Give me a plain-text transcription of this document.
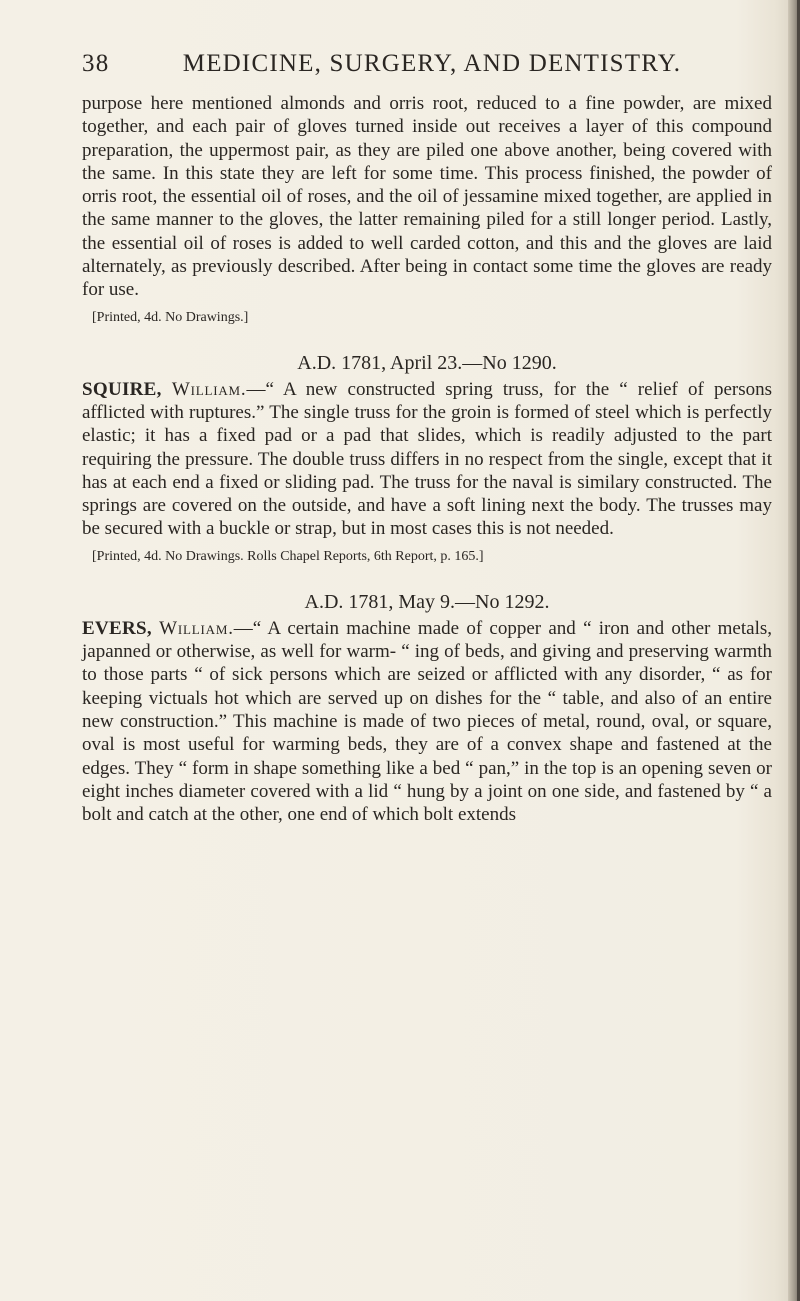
38	MEDICINE, SURGERY, AND DENTISTRY.

purpose here mentioned almonds and orris root, reduced to a fine powder, are mixed together, and each pair of gloves turned inside out receives a layer of this compound preparation, the uppermost pair, as they are piled one above another, being covered with the same. In this state they are left for some time. This process finished, the powder of orris root, the essential oil of roses, and the oil of jessamine mixed together, are applied in the same manner to the gloves, the latter remaining piled for a still longer period. Lastly, the essential oil of roses is added to well carded cotton, and this and the gloves are laid alternately, as previously described. After being in contact some time the gloves are ready for use.

[Printed, 4d. No Drawings.]
A.D. 1781, April 23.—No 1290.

SQUIRE, William.—“ A new constructed spring truss, for the “ relief of persons afflicted with ruptures.” The single truss for the groin is formed of steel which is perfectly elastic; it has a fixed pad or a pad that slides, which is readily adjusted to the part requiring the pressure. The double truss differs in no respect from the single, except that it has at each end a fixed or sliding pad. The truss for the naval is similary constructed. The springs are covered on the outside, and have a soft lining next the body. The trusses may be secured with a buckle or strap, but in most cases this is not needed.

[Printed, 4d. No Drawings. Rolls Chapel Reports, 6th Report, p. 165.]
A.D. 1781, May 9.—No 1292.

EVERS, William.—“ A certain machine made of copper and “ iron and other metals, japanned or otherwise, as well for warm- “ ing of beds, and giving and preserving warmth to those parts “ of sick persons which are seized or afflicted with any disorder, “ as for keeping victuals hot which are served up on dishes for the “ table, and also of an entire new construction.” This machine is made of two pieces of metal, round, oval, or square, oval is most useful for warming beds, they are of a convex shape and fastened at the edges. They “ form in shape something like a bed “ pan,” in the top is an opening seven or eight inches diameter covered with a lid “ hung by a joint on one side, and fastened by “ a bolt and catch at the other, one end of which bolt extends
